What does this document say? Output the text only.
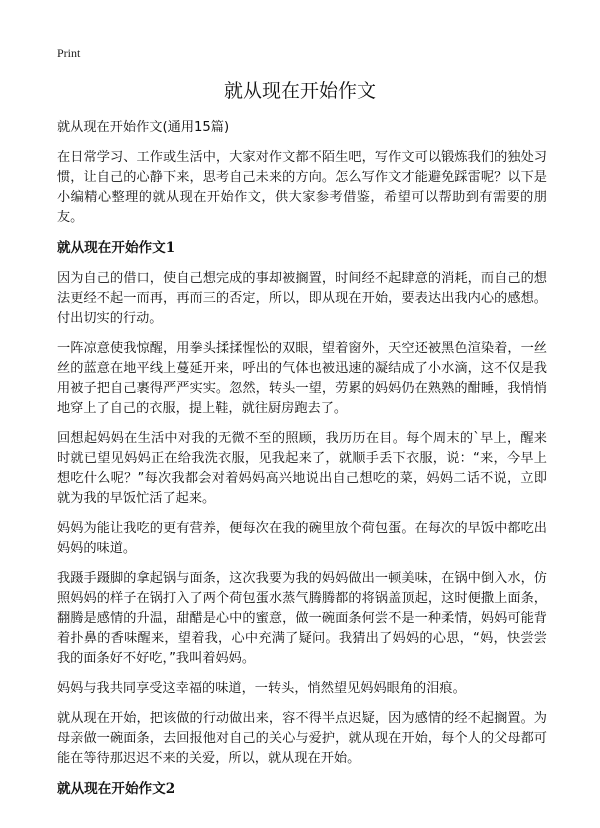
Print
就从现在开始作文

就从现在开始作文(通用15篇)

在日常学习、工作或生活中，大家对作文都不陌生吧，写作文可以锻炼我们的独处习惯，让自己的心静下来，思考自己未来的方向。怎么写作文才能避免踩雷呢？以下是小编精心整理的就从现在开始作文，供大家参考借鉴，希望可以帮助到有需要的朋友。

就从现在开始作文1

因为自己的借口，使自己想完成的事却被搁置，时间经不起肆意的消耗，而自己的想法更经不起一而再，再而三的否定，所以，即从现在开始，要表达出我内心的感想。付出切实的行动。

一阵凉意使我惊醒，用拳头揉揉惺忪的双眼，望着窗外，天空还被黑色渲染着，一丝丝的蓝意在地平线上蔓延开来，呼出的气体也被迅速的凝结成了小水滴，这不仅是我用被子把自己裹得严严实实。忽然，转头一望，劳累的妈妈仍在熟熟的酣睡，我悄悄地穿上了自己的衣服，提上鞋，就往厨房跑去了。

回想起妈妈在生活中对我的无微不至的照顾，我历历在目。每个周末的`早上，醒来时就已望见妈妈正在给我洗衣服，见我起来了，就顺手丢下衣服，说：“来，今早上想吃什么呢？”每次我都会对着妈妈高兴地说出自己想吃的菜，妈妈二话不说，立即就为我的早饭忙活了起来。

妈妈为能让我吃的更有营养，便每次在我的碗里放个荷包蛋。在每次的早饭中都吃出妈妈的味道。

我蹑手蹑脚的拿起锅与面条，这次我要为我的妈妈做出一顿美味，在锅中倒入水，仿照妈妈的样子在锅打入了两个荷包蛋水蒸气腾腾都的将锅盖顶起，这时便撒上面条，翻腾是感情的升温，甜醋是心中的蜜意，做一碗面条何尝不是一种柔情，妈妈可能背着扑鼻的香味醒来，望着我，心中充满了疑问。我猜出了妈妈的心思，“妈，快尝尝我的面条好不好吃，”我叫着妈妈。

妈妈与我共同享受这幸福的味道，一转头，悄然望见妈妈眼角的泪痕。

就从现在开始，把该做的行动做出来，容不得半点迟疑，因为感情的经不起搁置。为母亲做一碗面条，去回报他对自己的关心与爱护，就从现在开始，每个人的父母都可能在等待那迟迟不来的关爱，所以，就从现在开始。

就从现在开始作文2
